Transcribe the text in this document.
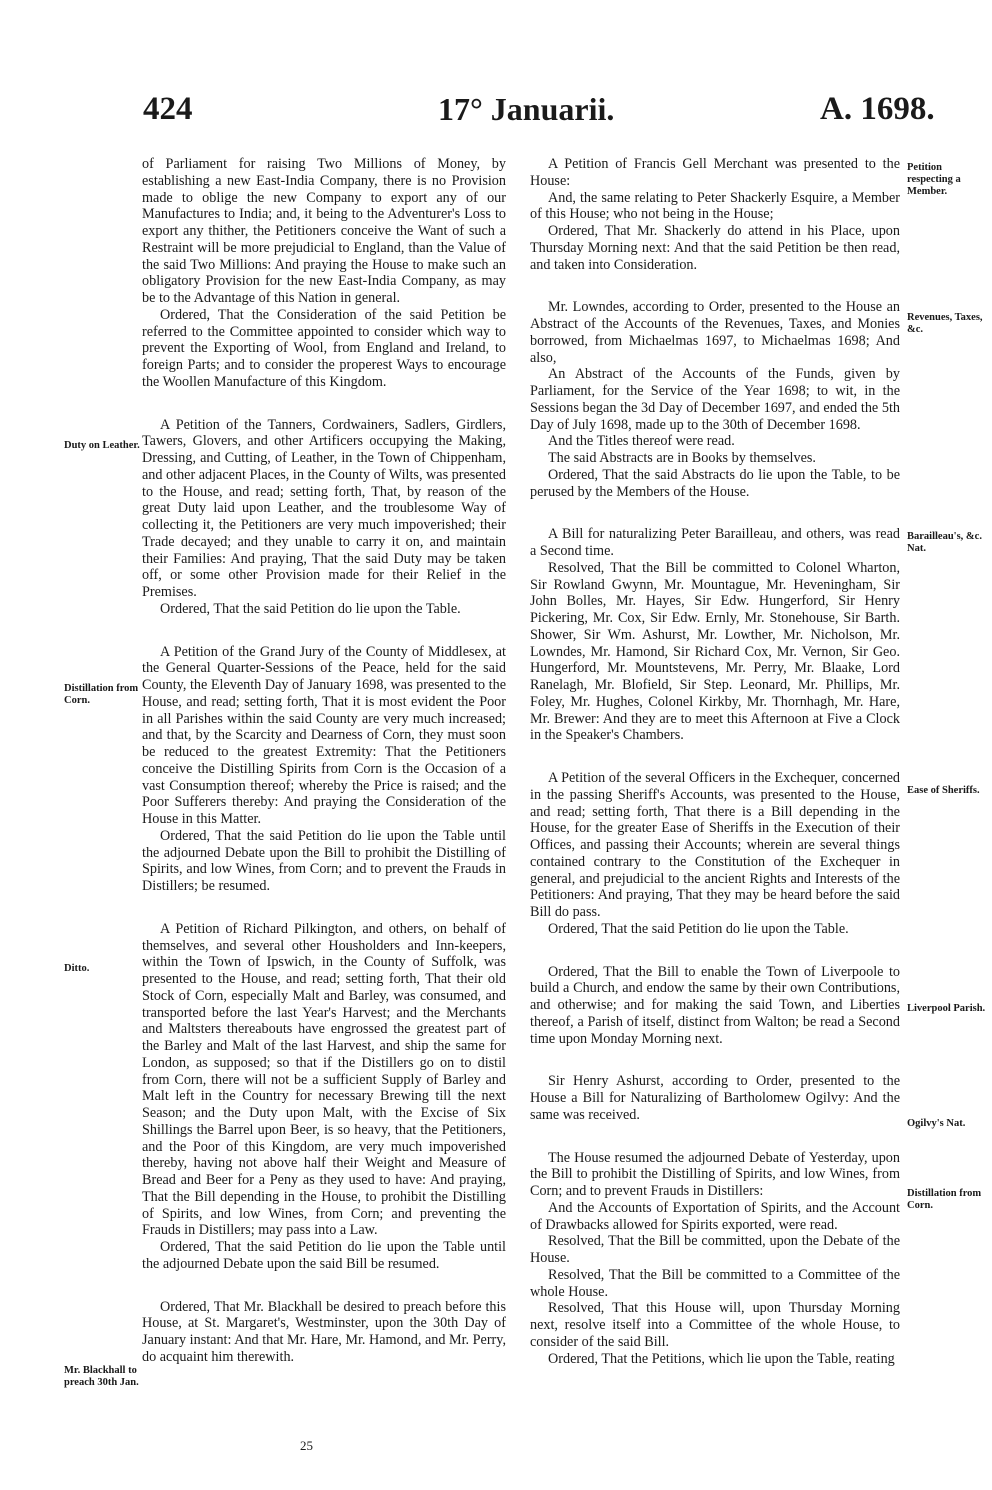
424	17° Januarii.	A. 1698.
Duty on Leather.
Distillation from Corn.
Ditto.
Mr. Blackhall to preach 30th Jan.
Petition respecting a Member.
Revenues, Taxes, &c.
Barailleau's, &c. Nat.
Ease of Sheriffs.
Liverpool Parish.
Ogilvy's Nat.
Distillation from Corn.

of Parliament for raising Two Millions of Money, by establishing a new East-India Company, there is no Provision made to oblige the new Company to export any of our Manufactures to India; and, it being to the Adventurer's Loss to export any thither, the Petitioners conceive the Want of such a Restraint will be more prejudicial to England, than the Value of the said Two Millions: And praying the House to make such an obligatory Provision for the new East-India Company, as may be to the Advantage of this Nation in general.

Ordered, That the Consideration of the said Petition be referred to the Committee appointed to consider which way to prevent the Exporting of Wool, from England and Ireland, to foreign Parts; and to consider the properest Ways to encourage the Woollen Manufacture of this Kingdom.

A Petition of the Tanners, Cordwainers, Sadlers, Girdlers, Tawers, Glovers, and other Artificers occupying the Making, Dressing, and Cutting, of Leather, in the Town of Chippenham, and other adjacent Places, in the County of Wilts, was presented to the House, and read; setting forth, That, by reason of the great Duty laid upon Leather, and the troublesome Way of collecting it, the Petitioners are very much impoverished; their Trade decayed; and they unable to carry it on, and maintain their Families: And praying, That the said Duty may be taken off, or some other Provision made for their Relief in the Premises.

Ordered, That the said Petition do lie upon the Table.

A Petition of the Grand Jury of the County of Middlesex, at the General Quarter-Sessions of the Peace, held for the said County, the Eleventh Day of January 1698, was presented to the House, and read; setting forth, That it is most evident the Poor in all Parishes within the said County are very much increased; and that, by the Scarcity and Dearness of Corn, they must soon be reduced to the greatest Extremity: That the Petitioners conceive the Distilling Spirits from Corn is the Occasion of a vast Consumption thereof; whereby the Price is raised; and the Poor Sufferers thereby: And praying the Consideration of the House in this Matter.

Ordered, That the said Petition do lie upon the Table until the adjourned Debate upon the Bill to prohibit the Distilling of Spirits, and low Wines, from Corn; and to prevent the Frauds in Distillers; be resumed.

A Petition of Richard Pilkington, and others, on behalf of themselves, and several other Housholders and Inn-keepers, within the Town of Ipswich, in the County of Suffolk, was presented to the House, and read; setting forth, That their old Stock of Corn, especially Malt and Barley, was consumed, and transported before the last Year's Harvest; and the Merchants and Maltsters thereabouts have engrossed the greatest part of the Barley and Malt of the last Harvest, and ship the same for London, as supposed; so that if the Distillers go on to distil from Corn, there will not be a sufficient Supply of Barley and Malt left in the Country for necessary Brewing till the next Season; and the Duty upon Malt, with the Excise of Six Shillings the Barrel upon Beer, is so heavy, that the Petitioners, and the Poor of this Kingdom, are very much impoverished thereby, having not above half their Weight and Measure of Bread and Beer for a Peny as they used to have: And praying, That the Bill depending in the House, to prohibit the Distilling of Spirits, and low Wines, from Corn; and preventing the Frauds in Distillers; may pass into a Law.

Ordered, That the said Petition do lie upon the Table until the adjourned Debate upon the said Bill be resumed.

Ordered, That Mr. Blackhall be desired to preach before this House, at St. Margaret's, Westminster, upon the 30th Day of January instant: And that Mr. Hare, Mr. Hamond, and Mr. Perry, do acquaint him therewith.

A Petition of Francis Gell Merchant was presented to the House:

And, the same relating to Peter Shackerly Esquire, a Member of this House; who not being in the House;

Ordered, That Mr. Shackerly do attend in his Place, upon Thursday Morning next: And that the said Petition be then read, and taken into Consideration.

Mr. Lowndes, according to Order, presented to the House an Abstract of the Accounts of the Revenues, Taxes, and Monies borrowed, from Michaelmas 1697, to Michaelmas 1698; And also,

An Abstract of the Accounts of the Funds, given by Parliament, for the Service of the Year 1698; to wit, in the Sessions began the 3d Day of December 1697, and ended the 5th Day of July 1698, made up to the 30th of December 1698.

And the Titles thereof were read.

The said Abstracts are in Books by themselves.

Ordered, That the said Abstracts do lie upon the Table, to be perused by the Members of the House.

A Bill for naturalizing Peter Barailleau, and others, was read a Second time.

Resolved, That the Bill be committed to Colonel Wharton, Sir Rowland Gwynn, Mr. Mountague, Mr. Heveningham, Sir John Bolles, Mr. Hayes, Sir Edw. Hungerford, Sir Henry Pickering, Mr. Cox, Sir Edw. Ernly, Mr. Stonehouse, Sir Barth. Shower, Sir Wm. Ashurst, Mr. Lowther, Mr. Nicholson, Mr. Lowndes, Mr. Hamond, Sir Richard Cox, Mr. Vernon, Sir Geo. Hungerford, Mr. Mountstevens, Mr. Perry, Mr. Blaake, Lord Ranelagh, Mr. Blofield, Sir Step. Leonard, Mr. Phillips, Mr. Foley, Mr. Hughes, Colonel Kirkby, Mr. Thornhagh, Mr. Hare, Mr. Brewer: And they are to meet this Afternoon at Five a Clock in the Speaker's Chambers.

A Petition of the several Officers in the Exchequer, concerned in the passing Sheriff's Accounts, was presented to the House, and read; setting forth, That there is a Bill depending in the House, for the greater Ease of Sheriffs in the Execution of their Offices, and passing their Accounts; wherein are several things contained contrary to the Constitution of the Exchequer in general, and prejudicial to the ancient Rights and Interests of the Petitioners: And praying, That they may be heard before the said Bill do pass.

Ordered, That the said Petition do lie upon the Table.

Ordered, That the Bill to enable the Town of Liverpoole to build a Church, and endow the same by their own Contributions, and otherwise; and for making the said Town, and Liberties thereof, a Parish of itself, distinct from Walton; be read a Second time upon Monday Morning next.

Sir Henry Ashurst, according to Order, presented to the House a Bill for Naturalizing of Bartholomew Ogilvy: And the same was received.

The House resumed the adjourned Debate of Yesterday, upon the Bill to prohibit the Distilling of Spirits, and low Wines, from Corn; and to prevent Frauds in Distillers:

And the Accounts of Exportation of Spirits, and the Account of Drawbacks allowed for Spirits exported, were read.

Resolved, That the Bill be committed, upon the Debate of the House.

Resolved, That the Bill be committed to a Committee of the whole House.

Resolved, That this House will, upon Thursday Morning next, resolve itself into a Committee of the whole House, to consider of the said Bill.

Ordered, That the Petitions, which lie upon the Table, reating

25
